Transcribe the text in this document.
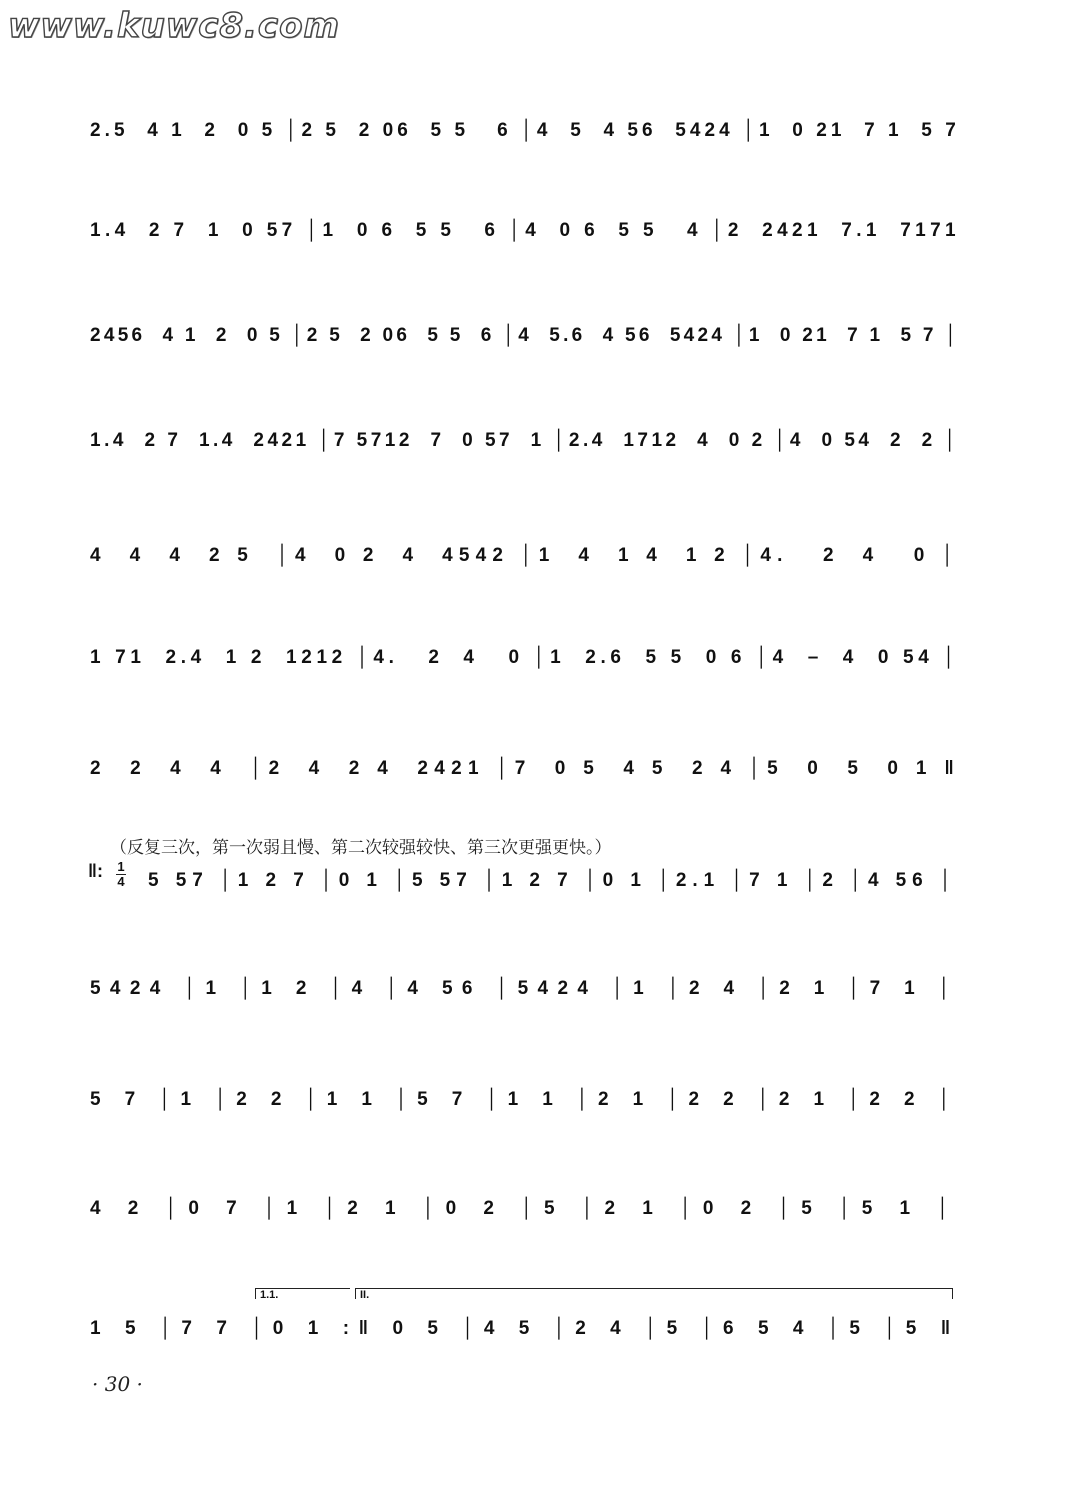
www.kuwc8.com
2.5  4 1  2  0 5 │2 5  2 06  5 5   6 │4  5  4 56  5424 │1  0 21  7 1  5 7
1.4  2 7  1  0 57 │1  0 6  5 5   6 │4  0 6  5 5   4 │2  2421  7.1  7171
2456  4 1  2  0 5 │2 5  2 06  5 5  6 │4  5.6  4 56  5424 │1  0 21  7 1  5 7 │
1.4  2 7  1.4  2421 │7 5712  7  0 57  1 │2.4  1712  4  0 2 │4  0 54  2  2 │
4  4  4  2 5  │4  0 2  4  4542 │1  4  1 4  1 2 │4.   2  4   0 │
1 71  2.4  1 2  1212 │4.   2  4   0 │1  2.6  5 5  0 6 │4  –  4  0 54 │
2  2  4  4  │2  4  2 4  2421 │7  0 5  4 5  2 4 │5  0  5  0 1 ‖
（反复三次，第一次弱且慢、第二次较强较快、第三次更强更快。）
‖: 1
4 5 57 │1 2 7 │0 1 │5 57 │1 2 7 │0 1 │2.1 │7 1 │2 │4 56 │
5424 │1 │1 2 │4 │4 56 │5424 │1 │2 4 │2 1 │7 1 │
5 7 │1 │2 2 │1 1 │5 7 │1 1 │2 1 │2 2 │2 1 │2 2 │
4 2 │0 7 │1 │2 1 │0 2 │5 │2 1 │0 2 │5 │5 1 │
1.1.	II.
1 5 │7 7 │0 1 :‖ 0 5 │4 5 │2 4 │5 │6 5 4 │5 │5 ‖
· 30 ·
